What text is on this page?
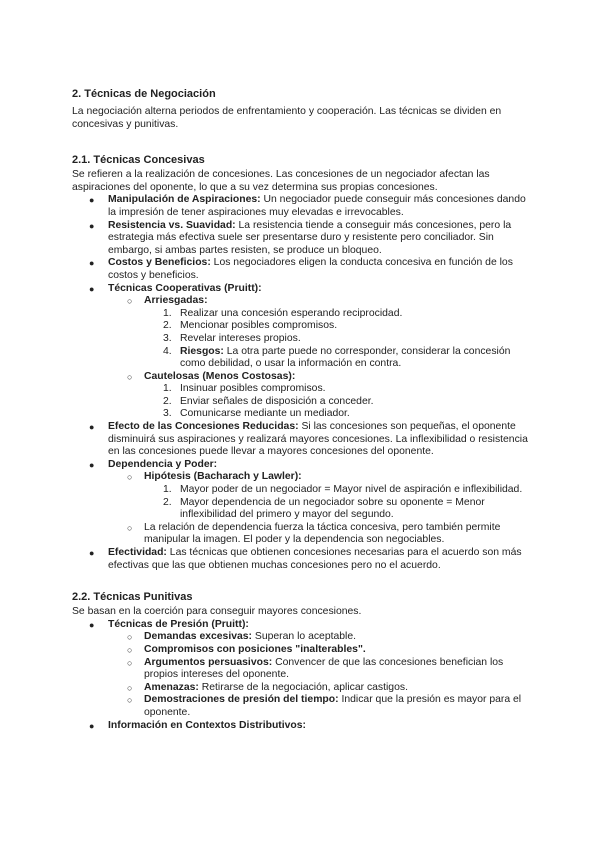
2. Técnicas de Negociación

La negociación alterna periodos de enfrentamiento y cooperación. Las técnicas se dividen en concesivas y punitivas.

2.1. Técnicas Concesivas

Se refieren a la realización de concesiones. Las concesiones de un negociador afectan las aspiraciones del oponente, lo que a su vez determina sus propias concesiones.

● Manipulación de Aspiraciones: Un negociador puede conseguir más concesiones dando la impresión de tener aspiraciones muy elevadas e irrevocables.
● Resistencia vs. Suavidad: La resistencia tiende a conseguir más concesiones, pero la estrategia más efectiva suele ser presentarse duro y resistente pero conciliador. Sin embargo, si ambas partes resisten, se produce un bloqueo.
● Costos y Beneficios: Los negociadores eligen la conducta concesiva en función de los costos y beneficios.
● Técnicas Cooperativas (Pruitt):
○ Arriesgadas:
1. Realizar una concesión esperando reciprocidad.
2. Mencionar posibles compromisos.
3. Revelar intereses propios.
4. Riesgos: La otra parte puede no corresponder, considerar la concesión como debilidad, o usar la información en contra.
○ Cautelosas (Menos Costosas):
1. Insinuar posibles compromisos.
2. Enviar señales de disposición a conceder.
3. Comunicarse mediante un mediador.
● Efecto de las Concesiones Reducidas: Si las concesiones son pequeñas, el oponente disminuirá sus aspiraciones y realizará mayores concesiones. La inflexibilidad o resistencia en las concesiones puede llevar a mayores concesiones del oponente.
● Dependencia y Poder:
○ Hipótesis (Bacharach y Lawler):
1. Mayor poder de un negociador = Mayor nivel de aspiración e inflexibilidad.
2. Mayor dependencia de un negociador sobre su oponente = Menor inflexibilidad del primero y mayor del segundo.
○ La relación de dependencia fuerza la táctica concesiva, pero también permite manipular la imagen. El poder y la dependencia son negociables.
● Efectividad: Las técnicas que obtienen concesiones necesarias para el acuerdo son más efectivas que las que obtienen muchas concesiones pero no el acuerdo.
2.2. Técnicas Punitivas

Se basan en la coerción para conseguir mayores concesiones.

● Técnicas de Presión (Pruitt):
○ Demandas excesivas: Superan lo aceptable.
○ Compromisos con posiciones "inalterables".
○ Argumentos persuasivos: Convencer de que las concesiones benefician los propios intereses del oponente.
○ Amenazas: Retirarse de la negociación, aplicar castigos.
○ Demostraciones de presión del tiempo: Indicar que la presión es mayor para el oponente.
● Información en Contextos Distributivos:
